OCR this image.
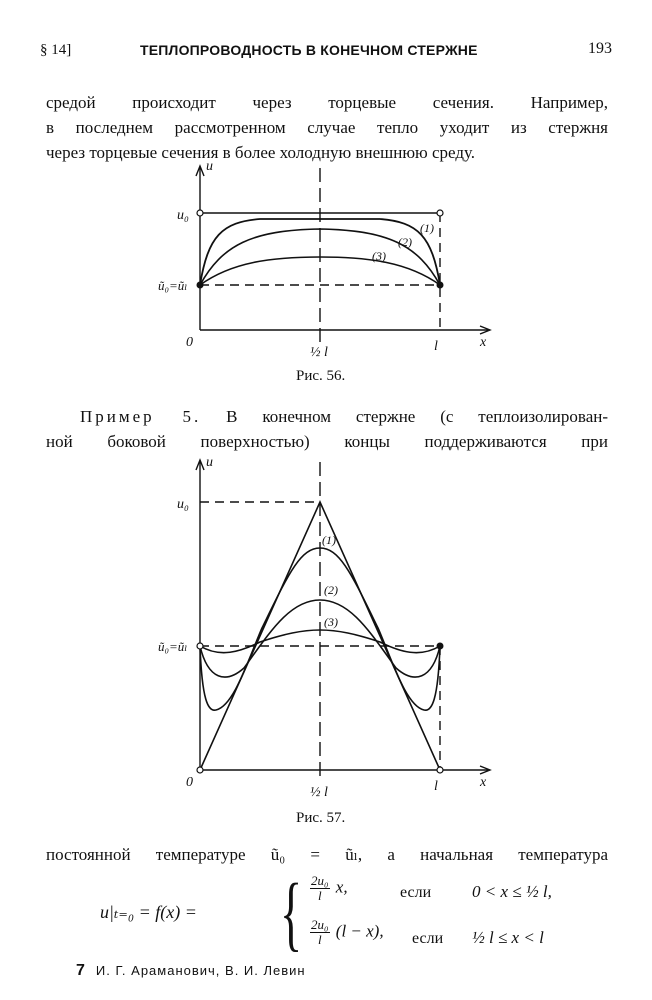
§ 14]	ТЕПЛОПРОВОДНОСТЬ В КОНЕЧНОМ СТЕРЖНЕ	193
средой происходит через торцевые сечения. Например,
в последнем рассмотренном случае тепло уходит из стержня
через торцевые сечения в более холодную внешнюю среду.
u
x
u₀
ũ₀=ũₗ
0
½ l	l
(1)
(2)
(3)
Рис. 56.
Пример 5. В конечном стержне (с теплоизолирован-
ной боковой поверхностью) концы поддерживаются при
u
x
u₀
ũ₀=ũₗ
0
½ l	l
(1)
(2)
(3)
Рис. 57.
постоянной температуре ũ₀ = ũₗ, а начальная температура
u|ₜ₌₀ = f(x) = { $\frac{\text{2u₀}}{l} x$,	если 0 < x ≤ ½ l,
$\frac{\text{2u₀}}{l} (l - x)$, если ½ l ≤ x < l
7 И. Г. Араманович, В. И. Левин
